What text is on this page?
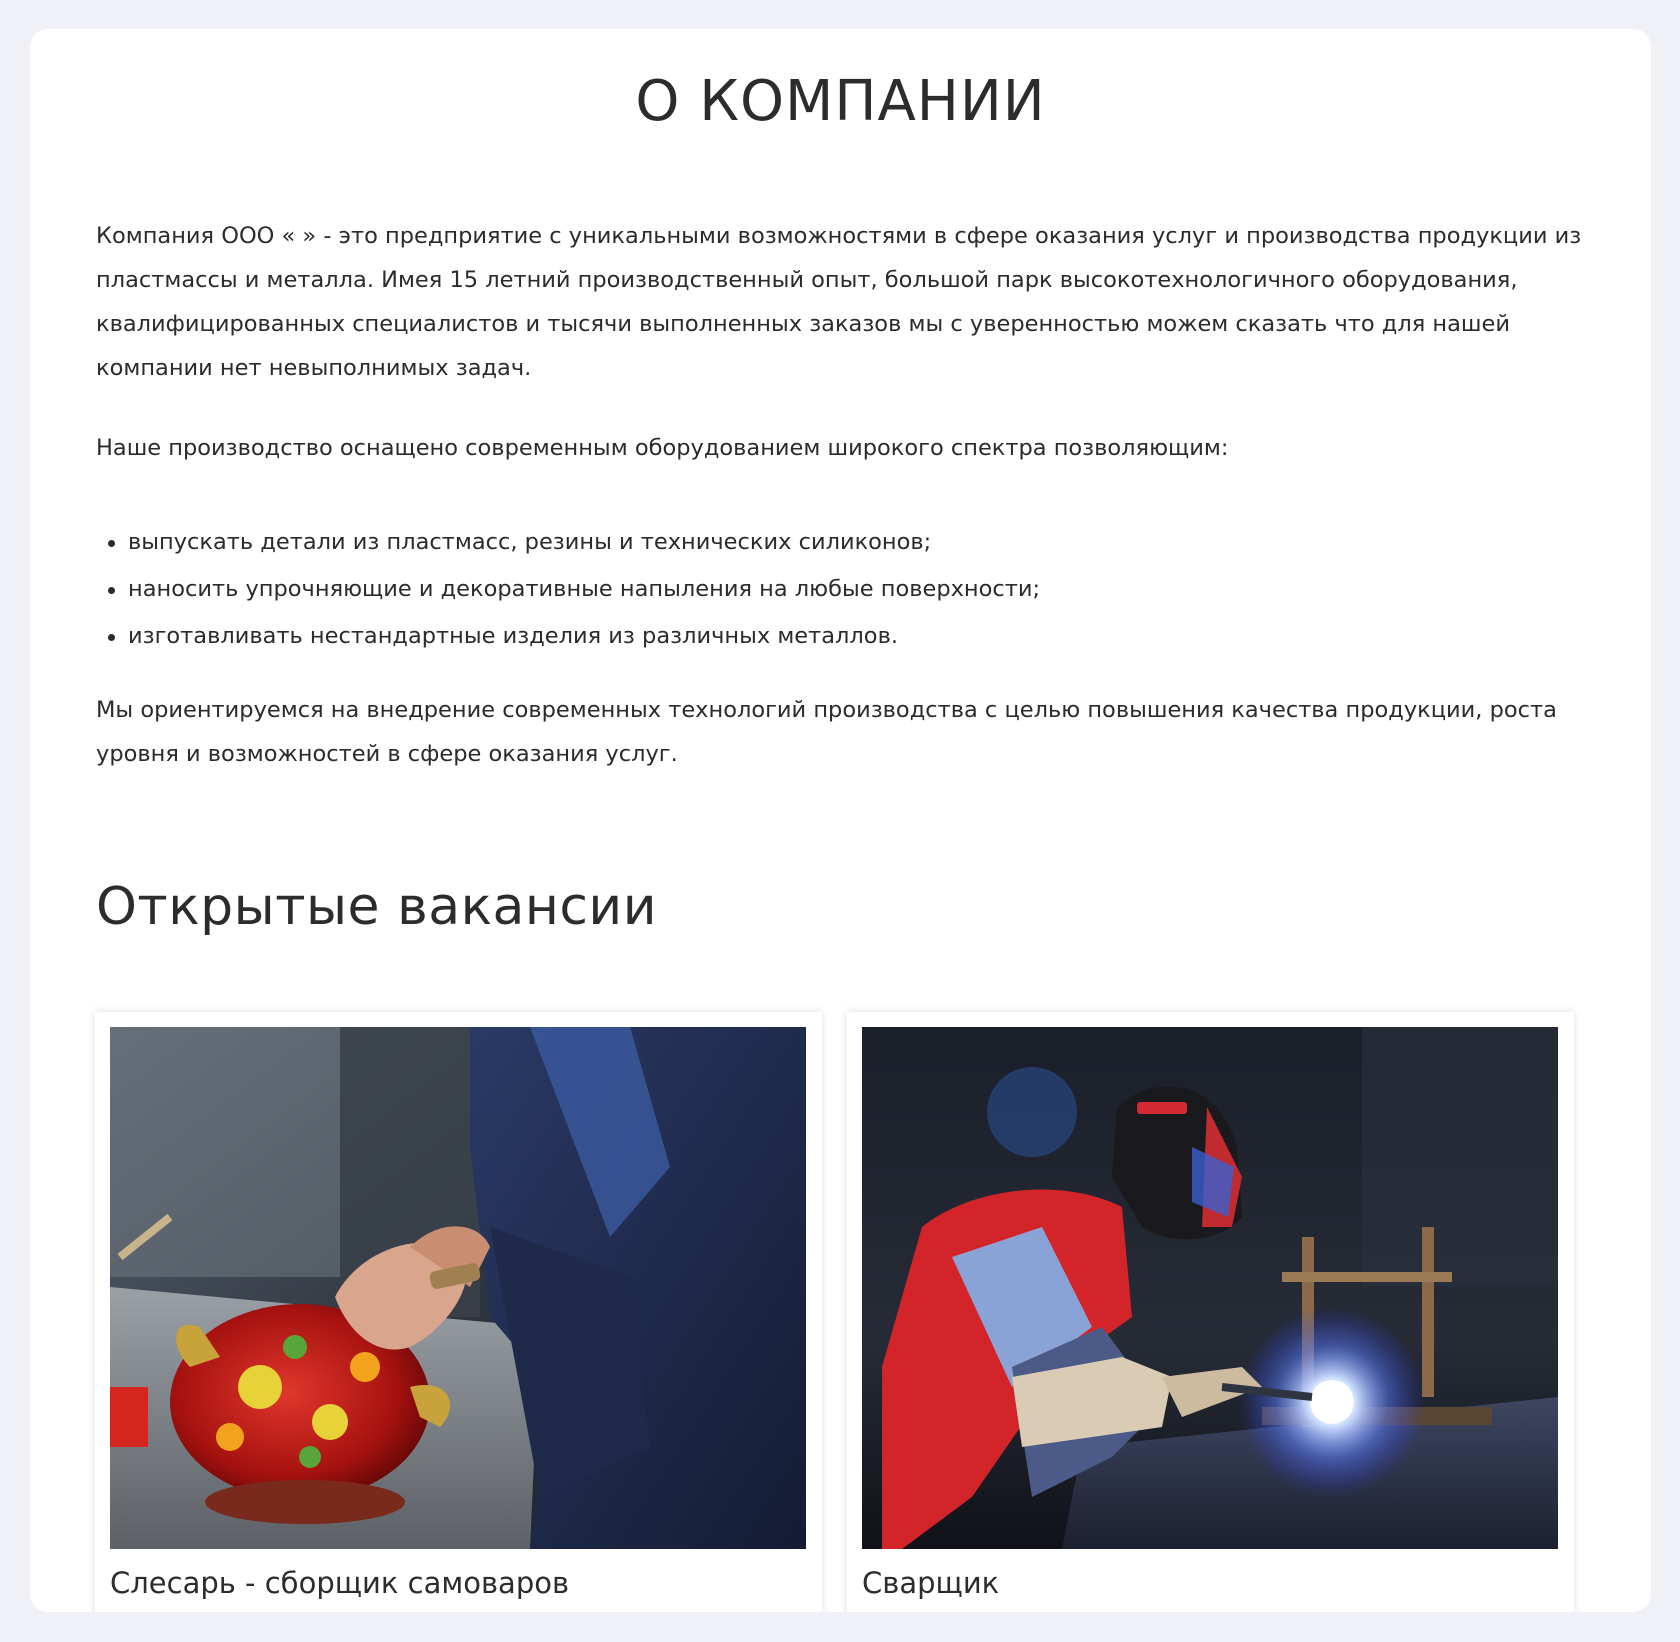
О КОМПАНИИ

Компания ООО « » - это предприятие с уникальными возможностями в сфере оказания услуг и производства продукции из пластмассы и металла. Имея 15 летний производственный опыт, большой парк высокотехнологичного оборудования, квалифицированных специалистов и тысячи выполненных заказов мы с уверенностью можем сказать что для нашей компании нет невыполнимых задач.

Наше производство оснащено современным оборудованием широкого спектра позволяющим:

выпускать детали из пластмасс, резины и технических силиконов;
наносить упрочняющие и декоративные напыления на любые поверхности;
изготавливать нестандартные изделия из различных металлов.

Мы ориентируемся на внедрение современных технологий производства с целью повышения качества продукции, роста уровня и возможностей в сфере оказания услуг.

Открытые вакансии
Слесарь - сборщик самоваров	Сварщик
